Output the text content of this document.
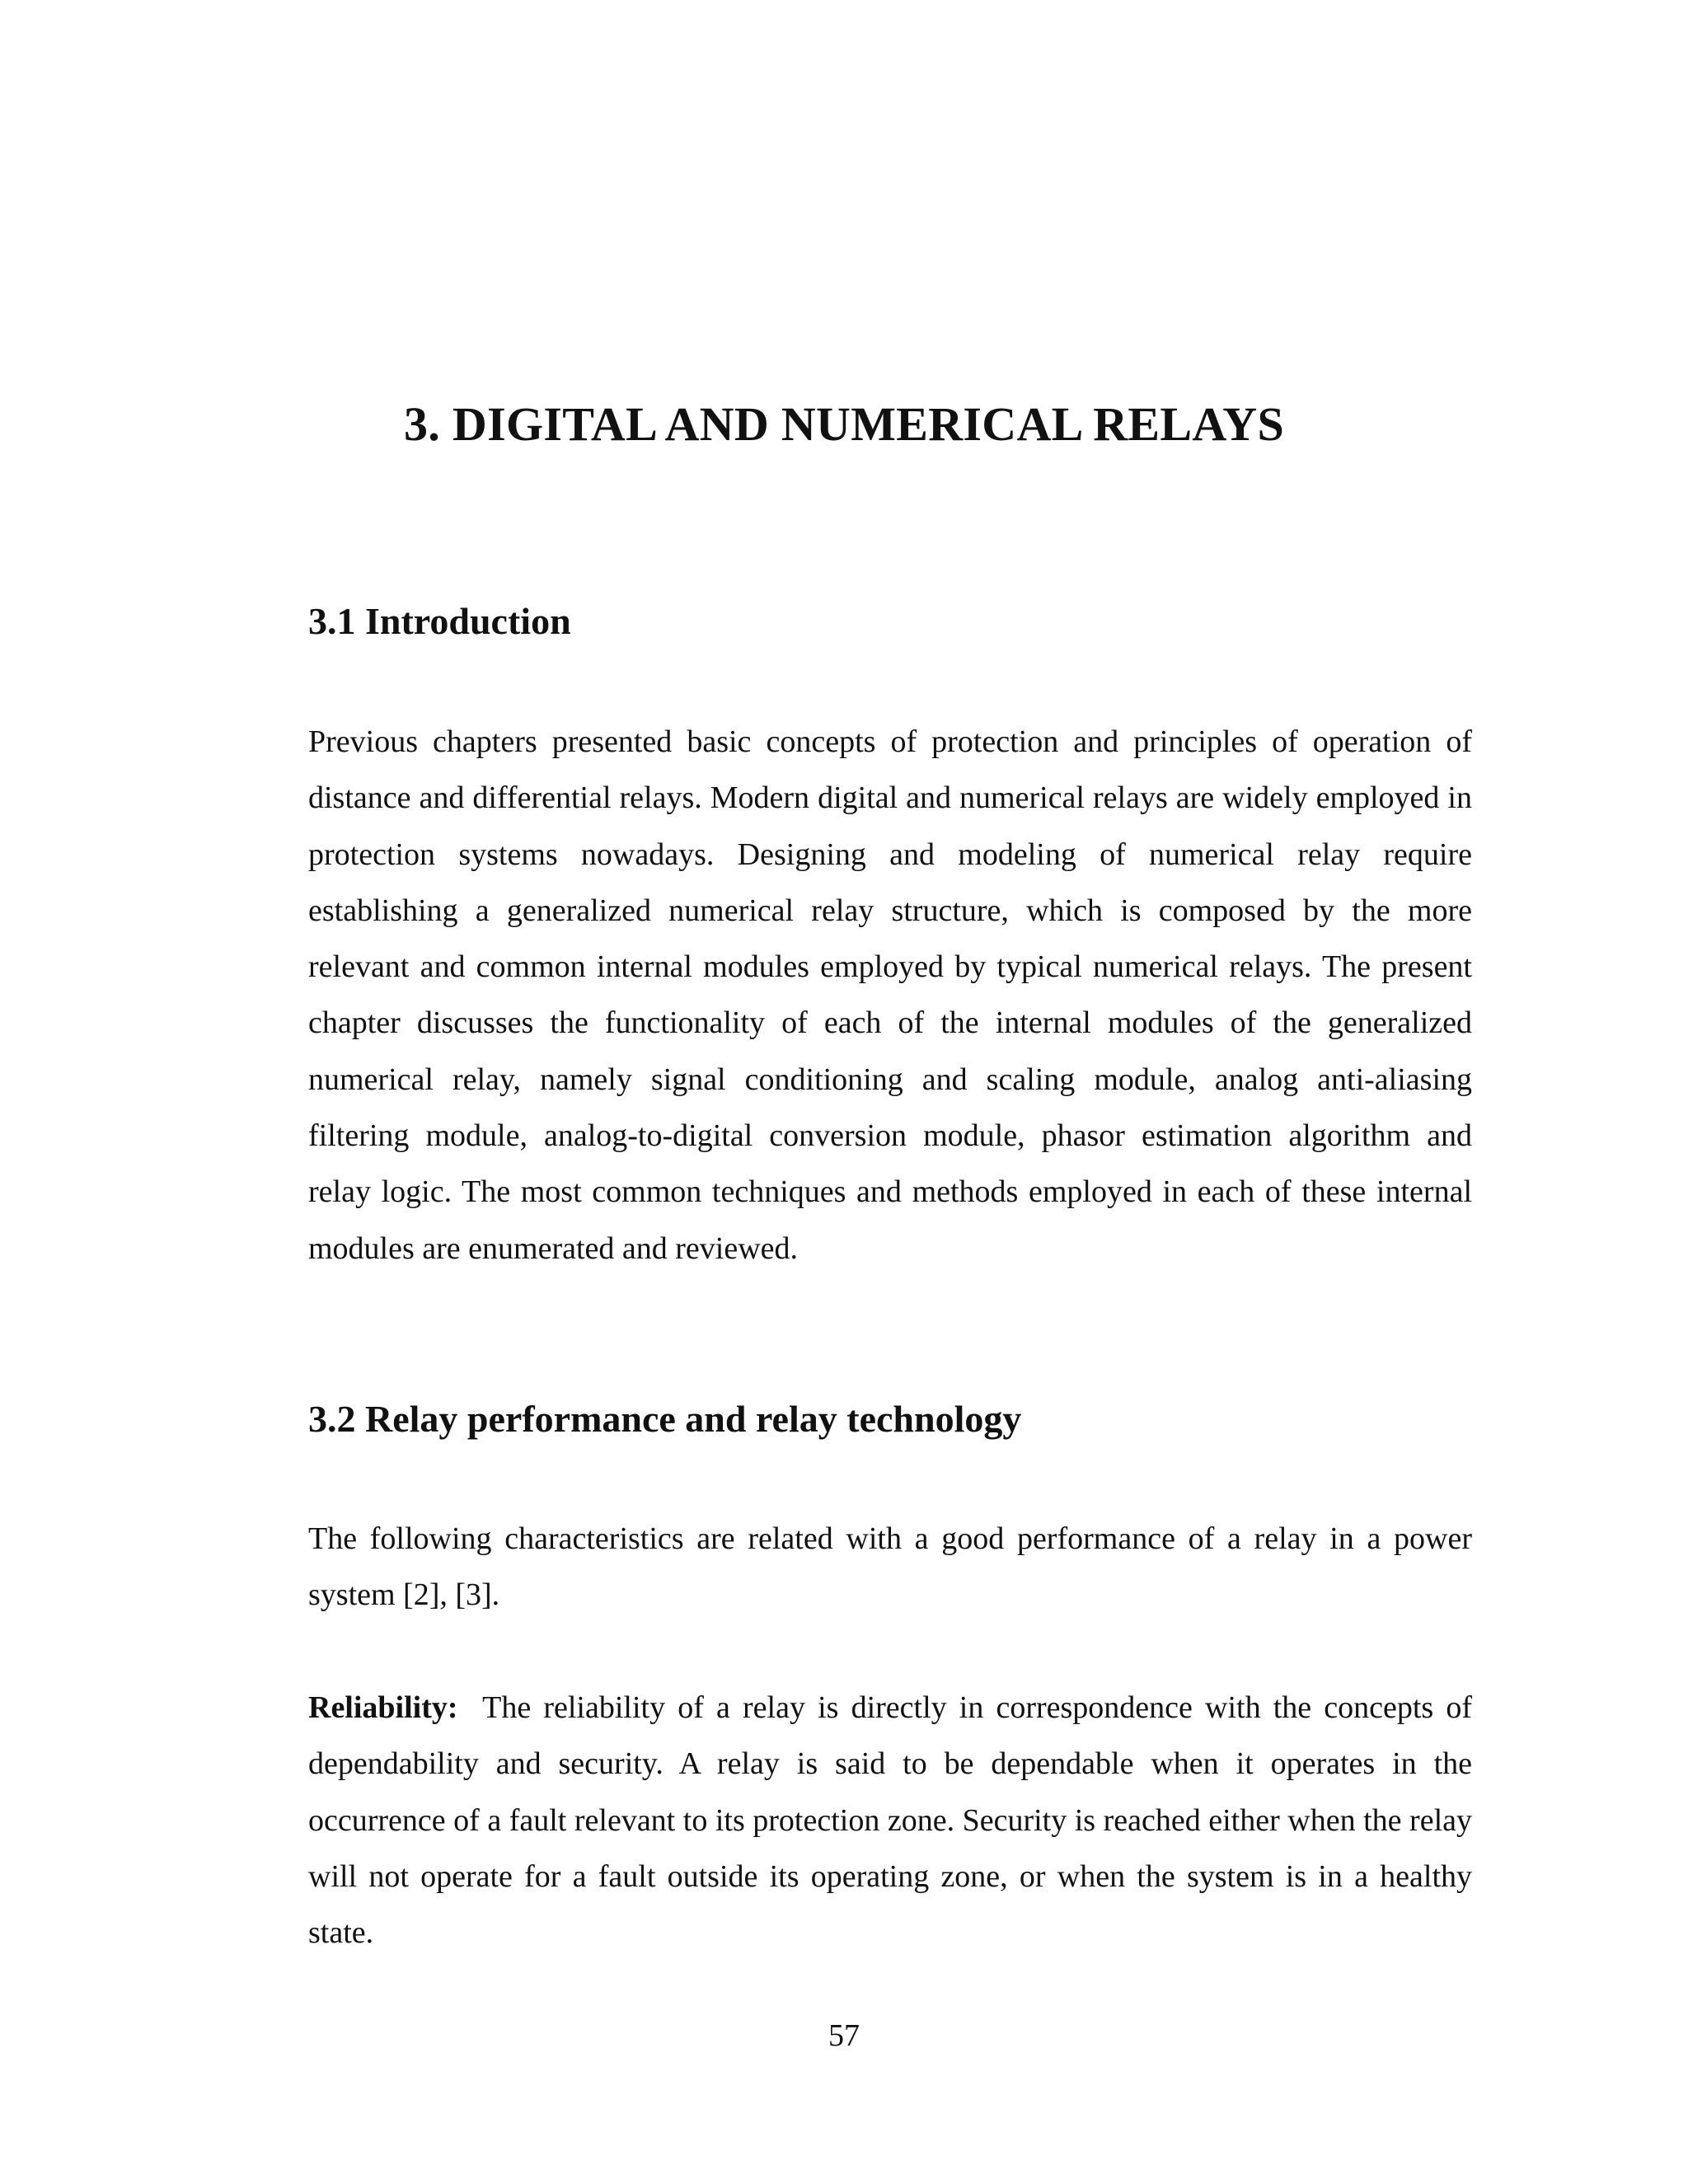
3. DIGITAL AND NUMERICAL RELAYS
3.1 Introduction

Previous chapters presented basic concepts of protection and principles of operation of distance and differential relays. Modern digital and numerical relays are widely employed in protection systems nowadays. Designing and modeling of numerical relay require establishing a generalized numerical relay structure, which is composed by the more relevant and common internal modules employed by typical numerical relays. The present chapter discusses the functionality of each of the internal modules of the generalized numerical relay, namely signal conditioning and scaling module, analog anti-aliasing filtering module, analog-to-digital conversion module, phasor estimation algorithm and relay logic. The most common techniques and methods employed in each of these internal modules are enumerated and reviewed.

3.2 Relay performance and relay technology

The following characteristics are related with a good performance of a relay in a power system [2], [3].

Reliability: The reliability of a relay is directly in correspondence with the concepts of dependability and security. A relay is said to be dependable when it operates in the occurrence of a fault relevant to its protection zone. Security is reached either when the relay will not operate for a fault outside its operating zone, or when the system is in a healthy state.

57
